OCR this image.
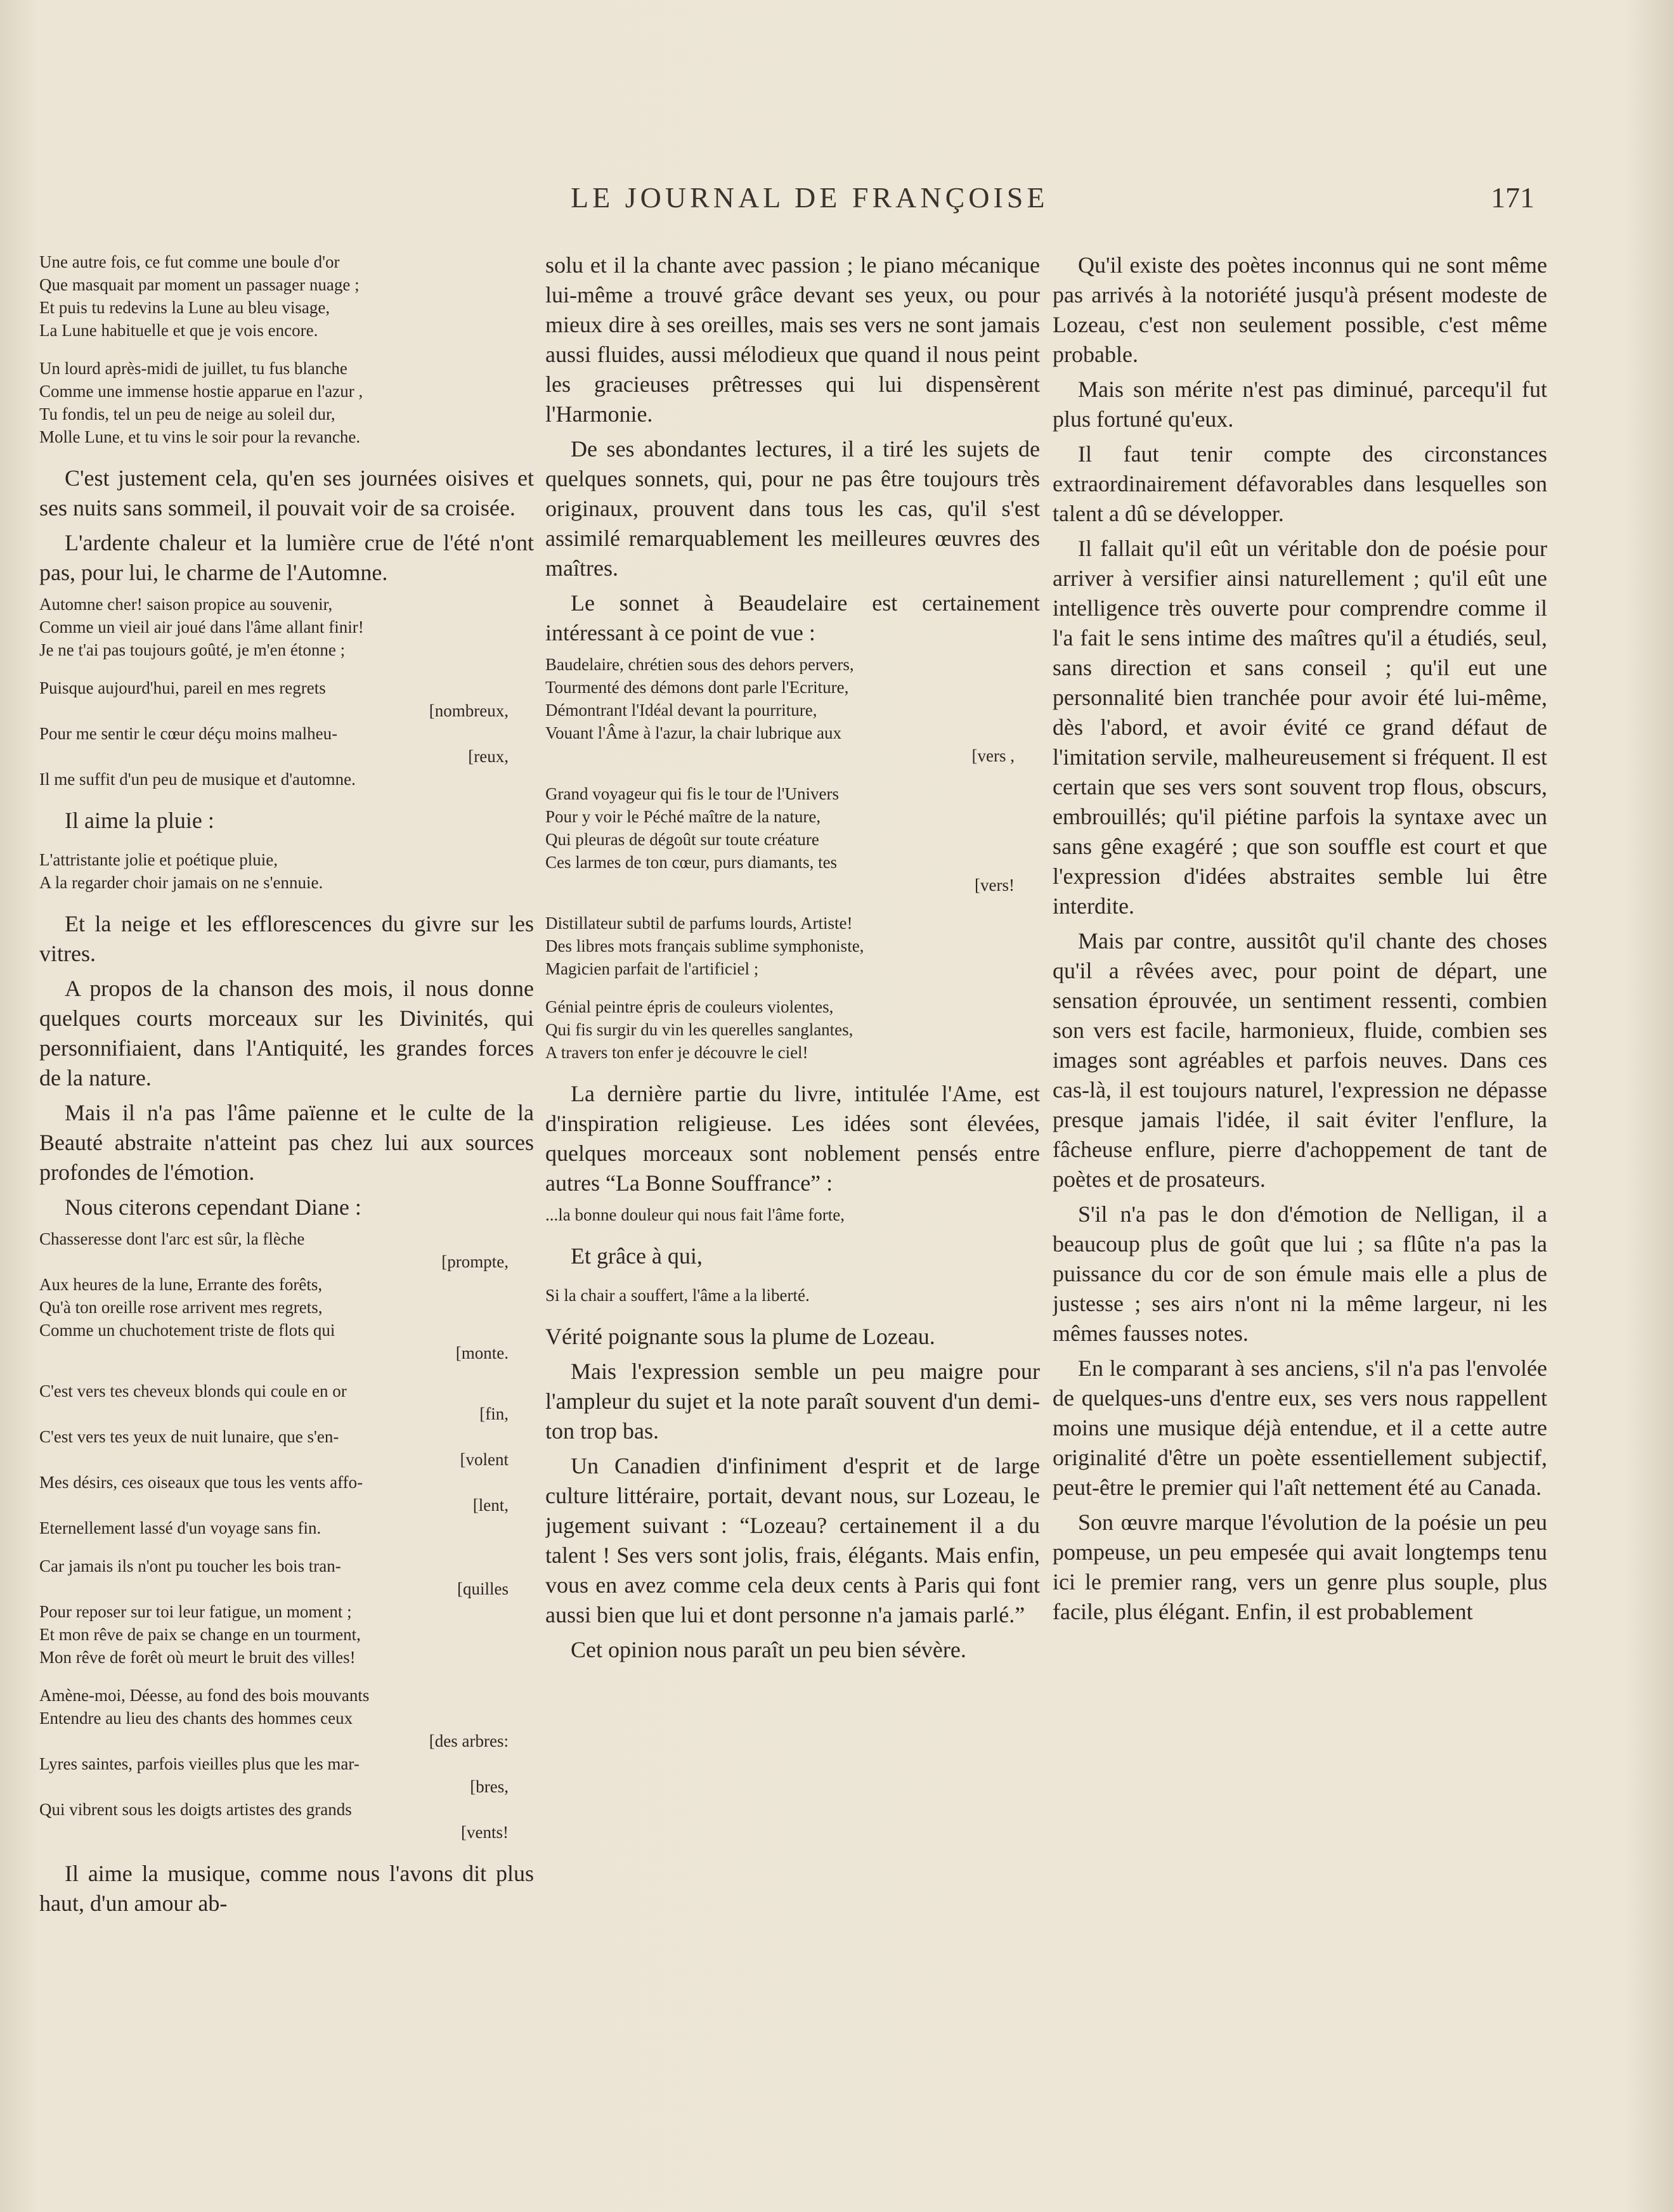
LE JOURNAL DE FRANÇOISE	171
Une autre fois, ce fut comme une boule d'or
Que masquait par moment un passager nuage ;
Et puis tu redevins la Lune au bleu visage,
La Lune habituelle et que je vois encore.
Un lourd après-midi de juillet, tu fus blanche
Comme une immense hostie apparue en l'azur ,
Tu fondis, tel un peu de neige au soleil dur,
Molle Lune, et tu vins le soir pour la revanche.

C'est justement cela, qu'en ses journées oisives et ses nuits sans sommeil, il pouvait voir de sa croisée.

L'ardente chaleur et la lumière crue de l'été n'ont pas, pour lui, le charme de l'Automne.

Automne cher! saison propice au souvenir,
Comme un vieil air joué dans l'âme allant finir!
Je ne t'ai pas toujours goûté, je m'en étonne ;
Puisque aujourd'hui, pareil en mes regrets
[nombreux,
Pour me sentir le cœur déçu moins malheu-
[reux,
Il me suffit d'un peu de musique et d'automne.

Il aime la pluie :

L'attristante jolie et poétique pluie,
A la regarder choir jamais on ne s'ennuie.

Et la neige et les efflorescences du givre sur les vitres.

A propos de la chanson des mois, il nous donne quelques courts morceaux sur les Divinités, qui personnifiaient, dans l'Antiquité, les grandes forces de la nature.

Mais il n'a pas l'âme païenne et le culte de la Beauté abstraite n'atteint pas chez lui aux sources profondes de l'émotion.

Nous citerons cependant Diane :

Chasseresse dont l'arc est sûr, la flèche
[prompte,
Aux heures de la lune, Errante des forêts,
Qu'à ton oreille rose arrivent mes regrets,
Comme un chuchotement triste de flots qui
[monte.
C'est vers tes cheveux blonds qui coule en or
[fin,
C'est vers tes yeux de nuit lunaire, que s'en-
[volent
Mes désirs, ces oiseaux que tous les vents affo-
[lent,
Eternellement lassé d'un voyage sans fin.
Car jamais ils n'ont pu toucher les bois tran-
[quilles
Pour reposer sur toi leur fatigue, un moment ;
Et mon rêve de paix se change en un tourment,
Mon rêve de forêt où meurt le bruit des villes!
Amène-moi, Déesse, au fond des bois mouvants
Entendre au lieu des chants des hommes ceux
[des arbres:
Lyres saintes, parfois vieilles plus que les mar-
[bres,
Qui vibrent sous les doigts artistes des grands
[vents!

Il aime la musique, comme nous l'avons dit plus haut, d'un amour ab-

solu et il la chante avec passion ; le piano mécanique lui-même a trouvé grâce devant ses yeux, ou pour mieux dire à ses oreilles, mais ses vers ne sont jamais aussi fluides, aussi mélodieux que quand il nous peint les gracieuses prêtresses qui lui dispensèrent l'Harmonie.

De ses abondantes lectures, il a tiré les sujets de quelques sonnets, qui, pour ne pas être toujours très originaux, prouvent dans tous les cas, qu'il s'est assimilé remarquablement les meilleures œuvres des maîtres.

Le sonnet à Beaudelaire est certainement intéressant à ce point de vue :

Baudelaire, chrétien sous des dehors pervers,
Tourmenté des démons dont parle l'Ecriture,
Démontrant l'Idéal devant la pourriture,
Vouant l'Âme à l'azur, la chair lubrique aux
[vers ,
Grand voyageur qui fis le tour de l'Univers
Pour y voir le Péché maître de la nature,
Qui pleuras de dégoût sur toute créature
Ces larmes de ton cœur, purs diamants, tes
[vers!
Distillateur subtil de parfums lourds, Artiste!
Des libres mots français sublime symphoniste,
Magicien parfait de l'artificiel ;
Génial peintre épris de couleurs violentes,
Qui fis surgir du vin les querelles sanglantes,
A travers ton enfer je découvre le ciel!

La dernière partie du livre, intitulée l'Ame, est d'inspiration religieuse. Les idées sont élevées, quelques morceaux sont noblement pensés entre autres “La Bonne Souffrance” :

...la bonne douleur qui nous fait l'âme forte,

Et grâce à qui,

Si la chair a souffert, l'âme a la liberté.

Vérité poignante sous la plume de Lozeau.

Mais l'expression semble un peu maigre pour l'ampleur du sujet et la note paraît souvent d'un demi-ton trop bas.

Un Canadien d'infiniment d'esprit et de large culture littéraire, portait, devant nous, sur Lozeau, le jugement suivant : “Lozeau? certainement il a du talent ! Ses vers sont jolis, frais, élégants. Mais enfin, vous en avez comme cela deux cents à Paris qui font aussi bien que lui et dont personne n'a jamais parlé.”

Cet opinion nous paraît un peu bien sévère.

Qu'il existe des poètes inconnus qui ne sont même pas arrivés à la notoriété jusqu'à présent modeste de Lozeau, c'est non seulement possible, c'est même probable.

Mais son mérite n'est pas diminué, parcequ'il fut plus fortuné qu'eux.

Il faut tenir compte des circonstances extraordinairement défavorables dans lesquelles son talent a dû se développer.

Il fallait qu'il eût un véritable don de poésie pour arriver à versifier ainsi naturellement ; qu'il eût une intelligence très ouverte pour comprendre comme il l'a fait le sens intime des maîtres qu'il a étudiés, seul, sans direction et sans conseil ; qu'il eut une personnalité bien tranchée pour avoir été lui-même, dès l'abord, et avoir évité ce grand défaut de l'imitation servile, malheureusement si fréquent. Il est certain que ses vers sont souvent trop flous, obscurs, embrouillés; qu'il piétine parfois la syntaxe avec un sans gêne exagéré ; que son souffle est court et que l'expression d'idées abstraites semble lui être interdite.

Mais par contre, aussitôt qu'il chante des choses qu'il a rêvées avec, pour point de départ, une sensation éprouvée, un sentiment ressenti, combien son vers est facile, harmonieux, fluide, combien ses images sont agréables et parfois neuves. Dans ces cas-là, il est toujours naturel, l'expression ne dépasse presque jamais l'idée, il sait éviter l'enflure, la fâcheuse enflure, pierre d'achoppement de tant de poètes et de prosateurs.

S'il n'a pas le don d'émotion de Nelligan, il a beaucoup plus de goût que lui ; sa flûte n'a pas la puissance du cor de son émule mais elle a plus de justesse ; ses airs n'ont ni la même largeur, ni les mêmes fausses notes.

En le comparant à ses anciens, s'il n'a pas l'envolée de quelques-uns d'entre eux, ses vers nous rappellent moins une musique déjà entendue, et il a cette autre originalité d'être un poète essentiellement subjectif, peut-être le premier qui l'aît nettement été au Canada.

Son œuvre marque l'évolution de la poésie un peu pompeuse, un peu empesée qui avait longtemps tenu ici le premier rang, vers un genre plus souple, plus facile, plus élégant. Enfin, il est probablement
